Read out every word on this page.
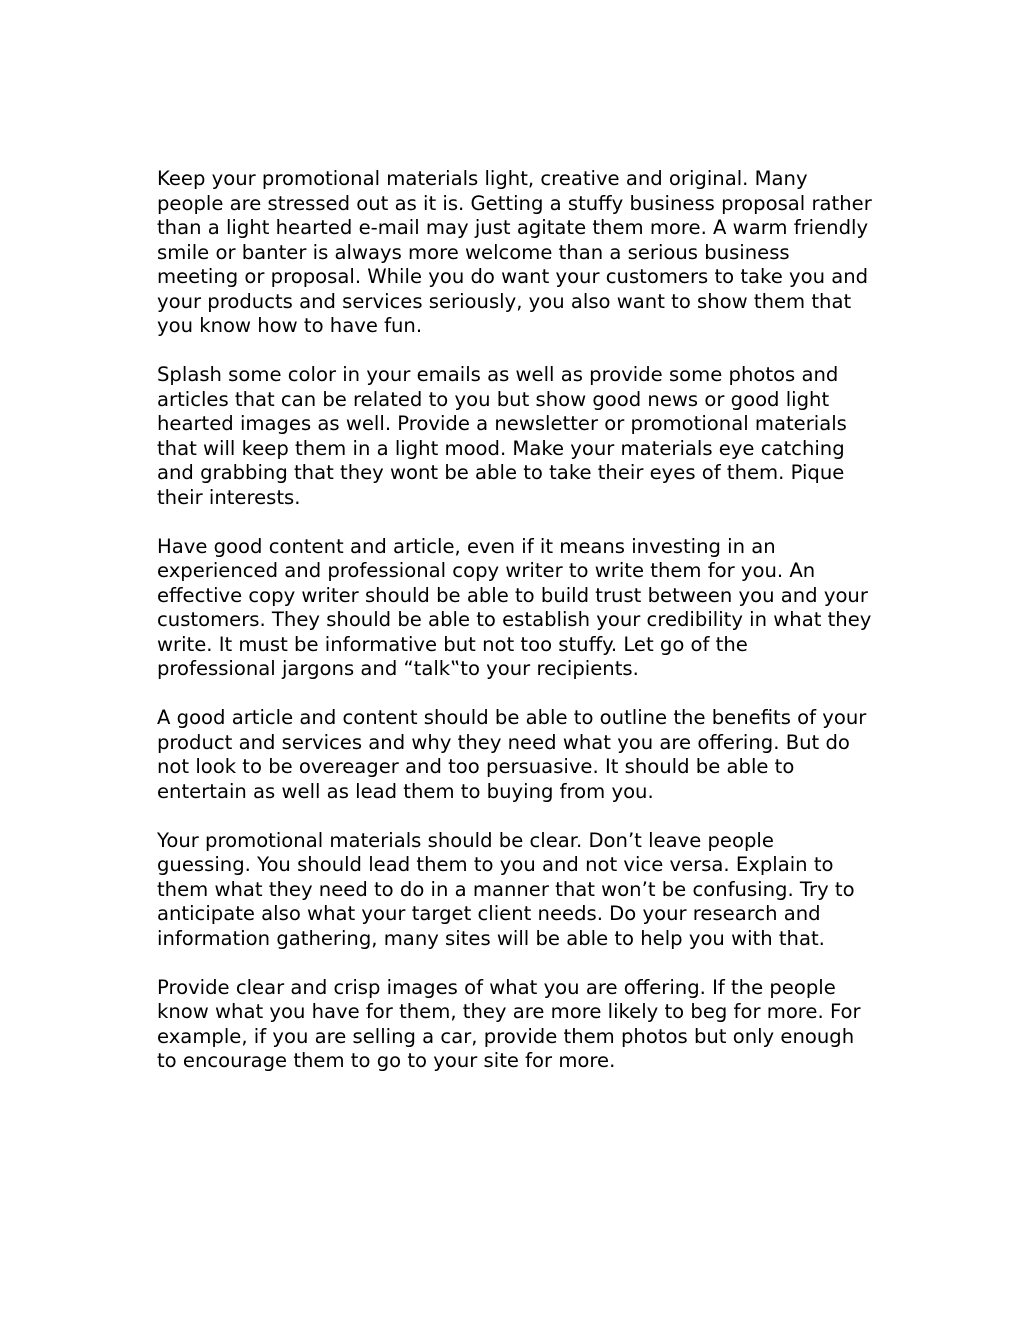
Keep your promotional materials light, creative and original. Many people are stressed out as it is. Getting a stuffy business proposal rather than a light hearted e-mail may just agitate them more. A warm friendly smile or banter is always more welcome than a serious business meeting or proposal. While you do want your customers to take you and your products and services seriously, you also want to show them that you know how to have fun.

Splash some color in your emails as well as provide some photos and articles that can be related to you but show good news or good light hearted images as well. Provide a newsletter or promotional materials that will keep them in a light mood. Make your materials eye catching and grabbing that they wont be able to take their eyes of them. Pique their interests.

Have good content and article, even if it means investing in an experienced and professional copy writer to write them for you. An effective copy writer should be able to build trust between you and your customers. They should be able to establish your credibility in what they write. It must be informative but not too stuffy. Let go of the professional jargons and “talk‟to your recipients.

A good article and content should be able to outline the benefits of your product and services and why they need what you are offering. But do not look to be overeager and too persuasive. It should be able to entertain as well as lead them to buying from you.

Your promotional materials should be clear. Don’t leave people guessing. You should lead them to you and not vice versa. Explain to them what they need to do in a manner that won’t be confusing. Try to anticipate also what your target client needs. Do your research and information gathering, many sites will be able to help you with that.

Provide clear and crisp images of what you are offering. If the people know what you have for them, they are more likely to beg for more. For example, if you are selling a car, provide them photos but only enough to encourage them to go to your site for more.
